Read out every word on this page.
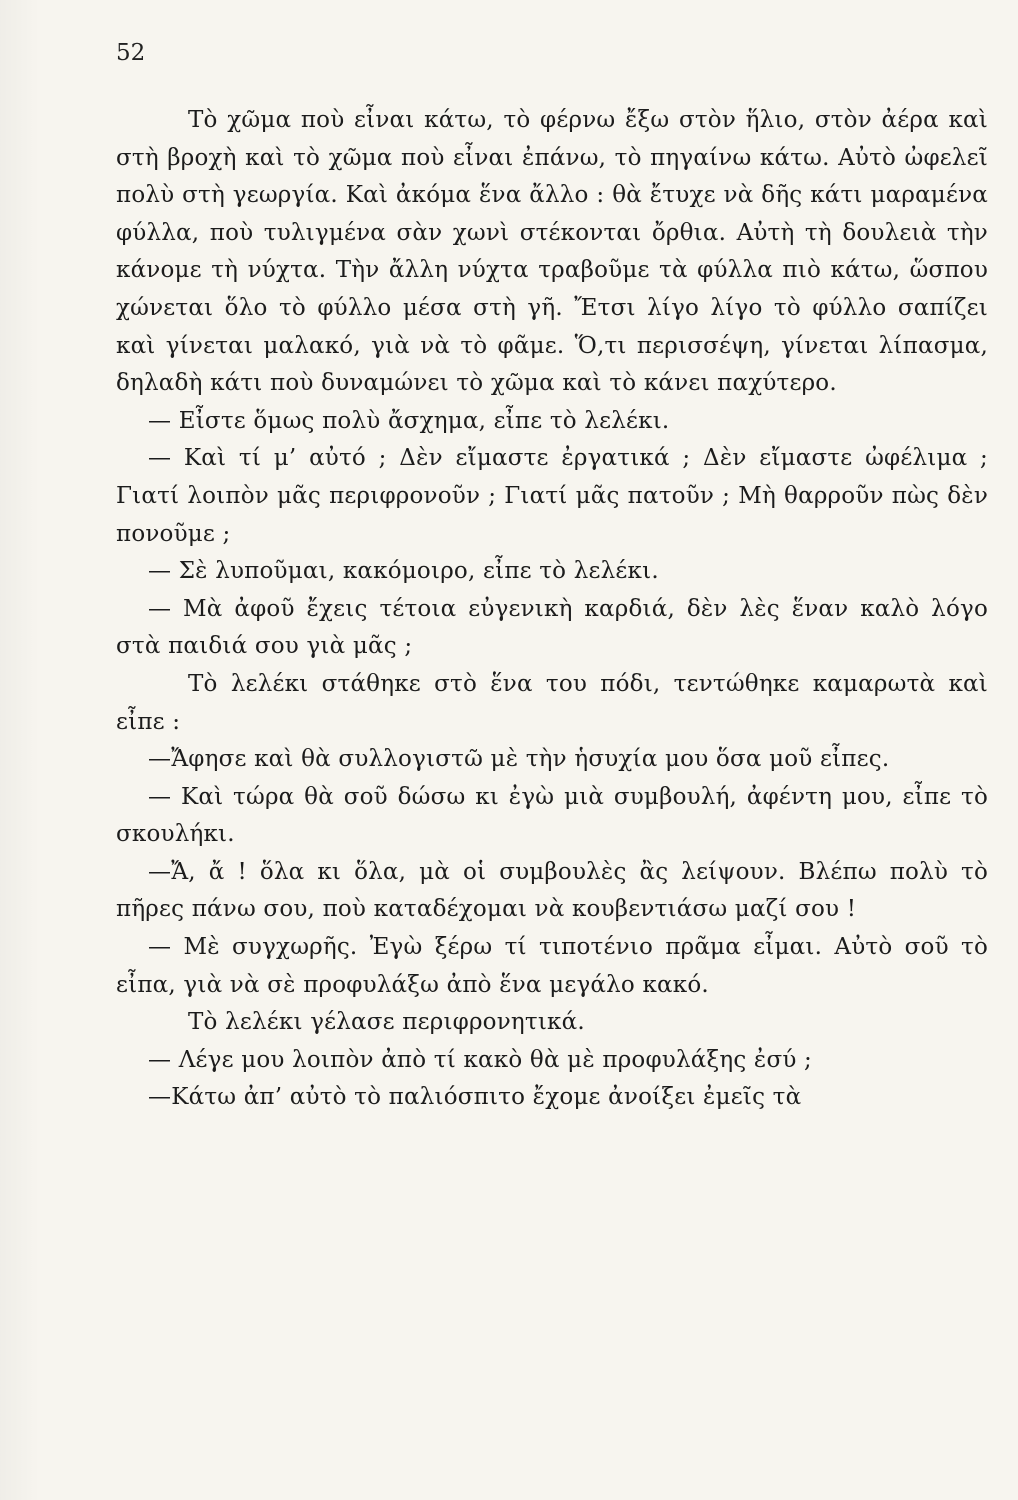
52

Τὸ χῶμα ποὺ εἶναι κάτω, τὸ φέρνω ἔξω στὸν ἥλιο, στὸν ἀέρα καὶ στὴ βροχὴ καὶ τὸ χῶμα ποὺ εἶναι ἐπάνω, τὸ πηγαίνω κάτω. Αὐτὸ ὠφελεῖ πολὺ στὴ γεωργία. Καὶ ἀκόμα ἕνα ἄλλο : θὰ ἔτυχε νὰ δῆς κάτι μαραμένα φύλλα, ποὺ τυλιγμένα σὰν χωνὶ στέκονται ὄρθια. Αὐτὴ τὴ δουλειὰ τὴν κάνομε τὴ νύχτα. Τὴν ἄλλη νύχτα τραβοῦμε τὰ φύλλα πιὸ κάτω, ὥσπου χώνεται ὅλο τὸ φύλλο μέσα στὴ γῆ. Ἔτσι λίγο λίγο τὸ φύλλο σαπίζει καὶ γίνεται μαλακό, γιὰ νὰ τὸ φᾶμε. Ὅ,τι περισσέψη, γίνεται λίπασμα, δηλαδὴ κάτι ποὺ δυναμώνει τὸ χῶμα καὶ τὸ κάνει παχύτερο.

— Εἶστε ὅμως πολὺ ἄσχημα, εἶπε τὸ λελέκι.

— Καὶ τί μ’ αὐτό ; Δὲν εἴμαστε ἐργατικά ; Δὲν εἴμαστε ὠφέλιμα ; Γιατί λοιπὸν μᾶς περιφρονοῦν ; Γιατί μᾶς πατοῦν ; Μὴ θαρροῦν πὼς δὲν πονοῦμε ;

— Σὲ λυποῦμαι, κακόμοιρο, εἶπε τὸ λελέκι.

— Μὰ ἀφοῦ ἔχεις τέτοια εὐγενικὴ καρδιά, δὲν λὲς ἕναν καλὸ λόγο στὰ παιδιά σου γιὰ μᾶς ;

Τὸ λελέκι στάθηκε στὸ ἕνα του πόδι, τεντώθηκε καμαρωτὰ καὶ εἶπε :

—Ἄφησε καὶ θὰ συλλογιστῶ μὲ τὴν ἡσυχία μου ὅσα μοῦ εἶπες.

— Καὶ τώρα θὰ σοῦ δώσω κι ἐγὼ μιὰ συμβουλή, ἀφέντη μου, εἶπε τὸ σκουλήκι.

—Ἄ, ἄ ! ὅλα κι ὅλα, μὰ οἱ συμβουλὲς ἂς λείψουν. Βλέπω πολὺ τὸ πῆρες πάνω σου, ποὺ καταδέχομαι νὰ κουβεντιάσω μαζί σου !

— Μὲ συγχωρῆς. Ἐγὼ ξέρω τί τιποτένιο πρᾶμα εἶμαι. Αὐτὸ σοῦ τὸ εἶπα, γιὰ νὰ σὲ προφυλάξω ἀπὸ ἕνα μεγάλο κακό.

Τὸ λελέκι γέλασε περιφρονητικά.

— Λέγε μου λοιπὸν ἀπὸ τί κακὸ θὰ μὲ προφυλάξης ἐσύ ;

—Κάτω ἀπ’ αὐτὸ τὸ παλιόσπιτο ἔχομε ἀνοίξει ἐμεῖς τὰ
